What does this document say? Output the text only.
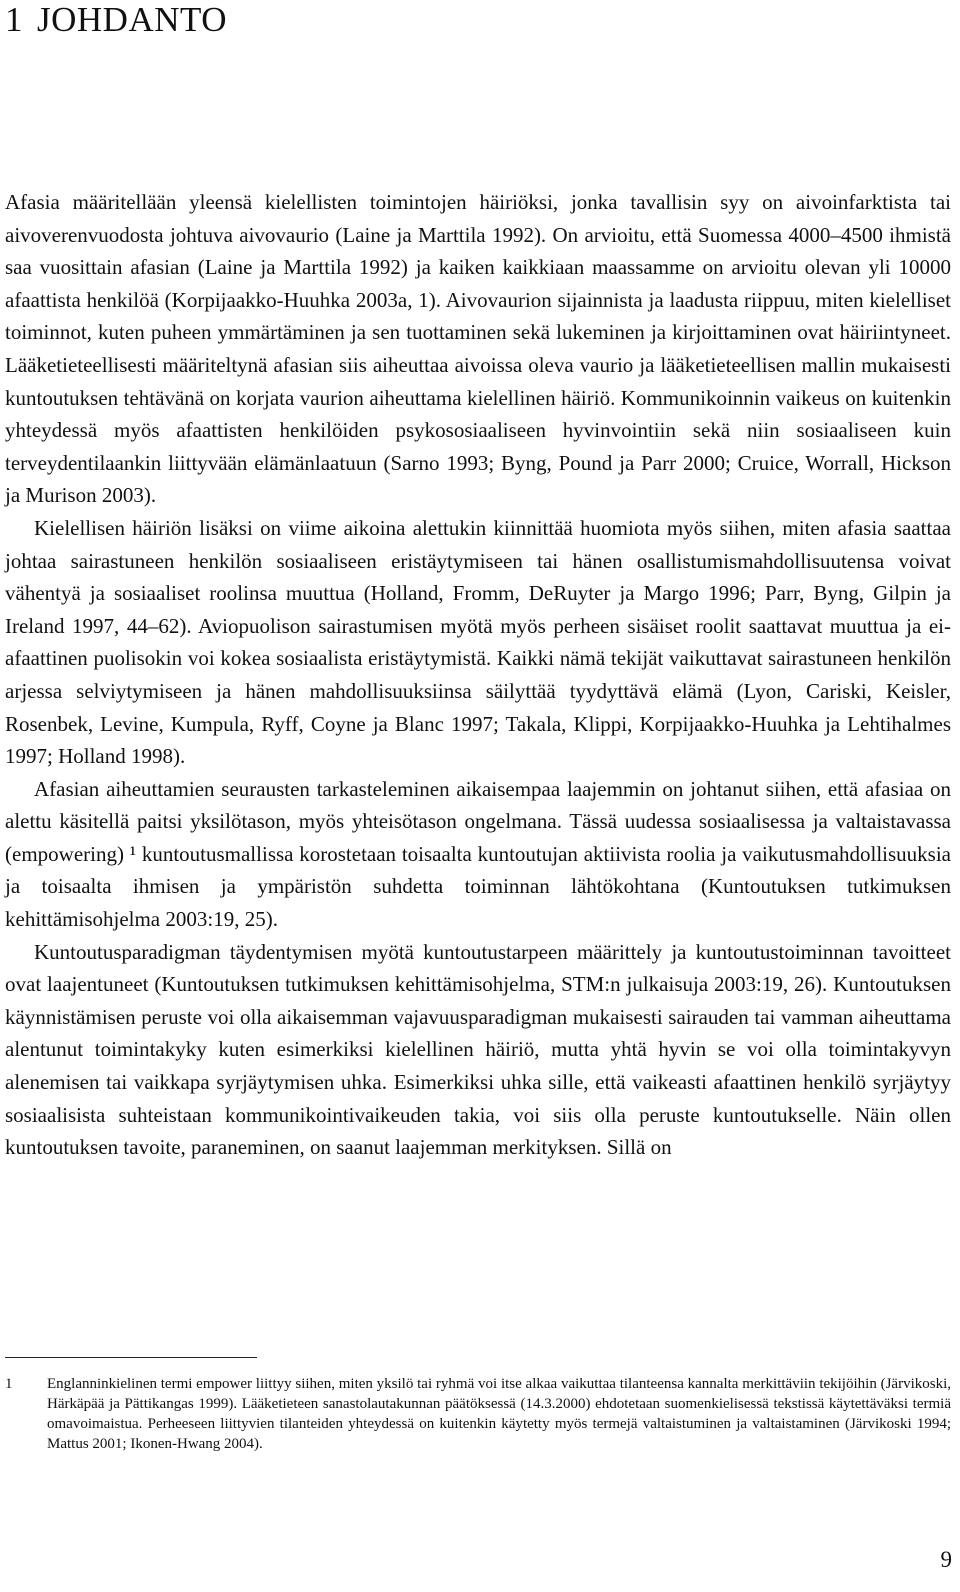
1 JOHDANTO

Afasia määritellään yleensä kielellisten toimintojen häiriöksi, jonka tavallisin syy on aivoinfarktista tai aivoverenvuodosta johtuva aivovaurio (Laine ja Marttila 1992). On arvioitu, että Suomessa 4000–4500 ihmistä saa vuosittain afasian (Laine ja Marttila 1992) ja kaiken kaikkiaan maassamme on arvioitu olevan yli 10000 afaattista henkilöä (Korpijaakko-Huuhka 2003a, 1). Aivovaurion sijainnista ja laadusta riippuu, miten kielelliset toiminnot, kuten puheen ymmärtäminen ja sen tuottaminen sekä lukeminen ja kirjoittaminen ovat häiriintyneet. Lääketieteellisesti määriteltynä afasian siis aiheuttaa aivoissa oleva vaurio ja lääketieteellisen mallin mukaisesti kuntoutuksen tehtävänä on korjata vaurion aiheuttama kielellinen häiriö. Kommunikoinnin vaikeus on kuitenkin yhteydessä myös afaattisten henkilöiden psykososiaaliseen hyvinvointiin sekä niin sosiaaliseen kuin terveydentilaankin liittyvään elämänlaatuun (Sarno 1993; Byng, Pound ja Parr 2000; Cruice, Worrall, Hickson ja Murison 2003).

Kielellisen häiriön lisäksi on viime aikoina alettukin kiinnittää huomiota myös siihen, miten afasia saattaa johtaa sairastuneen henkilön sosiaaliseen eristäytymiseen tai hänen osallistumismahdollisuutensa voivat vähentyä ja sosiaaliset roolinsa muuttua (Holland, Fromm, DeRuyter ja Margo 1996; Parr, Byng, Gilpin ja Ireland 1997, 44–62). Aviopuolison sairastumisen myötä myös perheen sisäiset roolit saattavat muuttua ja ei-afaattinen puolisokin voi kokea sosiaalista eristäytymistä. Kaikki nämä tekijät vaikuttavat sairastuneen henkilön arjessa selviytymiseen ja hänen mahdollisuuksiinsa säilyttää tyydyttävä elämä (Lyon, Cariski, Keisler, Rosenbek, Levine, Kumpula, Ryff, Coyne ja Blanc 1997; Takala, Klippi, Korpijaakko-Huuhka ja Lehtihalmes 1997; Holland 1998).

Afasian aiheuttamien seurausten tarkasteleminen aikaisempaa laajemmin on johtanut siihen, että afasiaa on alettu käsitellä paitsi yksilötason, myös yhteisötason ongelmana. Tässä uudessa sosiaalisessa ja valtaistavassa (empowering) ¹ kuntoutusmallissa korostetaan toisaalta kuntoutujan aktiivista roolia ja vaikutusmahdollisuuksia ja toisaalta ihmisen ja ympäristön suhdetta toiminnan lähtökohtana (Kuntoutuksen tutkimuksen kehittämisohjelma 2003:19, 25).

Kuntoutusparadigman täydentymisen myötä kuntoutustarpeen määrittely ja kuntoutustoiminnan tavoitteet ovat laajentuneet (Kuntoutuksen tutkimuksen kehittämisohjelma, STM:n julkaisuja 2003:19, 26). Kuntoutuksen käynnistämisen peruste voi olla aikaisemman vajavuusparadigman mukaisesti sairauden tai vamman aiheuttama alentunut toimintakyky kuten esimerkiksi kielellinen häiriö, mutta yhtä hyvin se voi olla toimintakyvyn alenemisen tai vaikkapa syrjäytymisen uhka. Esimerkiksi uhka sille, että vaikeasti afaattinen henkilö syrjäytyy sosiaalisista suhteistaan kommunikointivaikeuden takia, voi siis olla peruste kuntoutukselle. Näin ollen kuntoutuksen tavoite, paraneminen, on saanut laajemman merkityksen. Sillä on

1	Englanninkielinen termi empower liittyy siihen, miten yksilö tai ryhmä voi itse alkaa vaikuttaa tilanteensa kannalta merkittäviin tekijöihin (Järvikoski, Härkäpää ja Pättikangas 1999). Lääketieteen sanastolautakunnan päätöksessä (14.3.2000) ehdotetaan suomenkielisessä tekstissä käytettäväksi termiä omavoimaistua. Perheeseen liittyvien tilanteiden yhteydessä on kuitenkin käytetty myös termejä valtaistuminen ja valtaistaminen (Järvikoski 1994; Mattus 2001; Ikonen-Hwang 2004).

9
